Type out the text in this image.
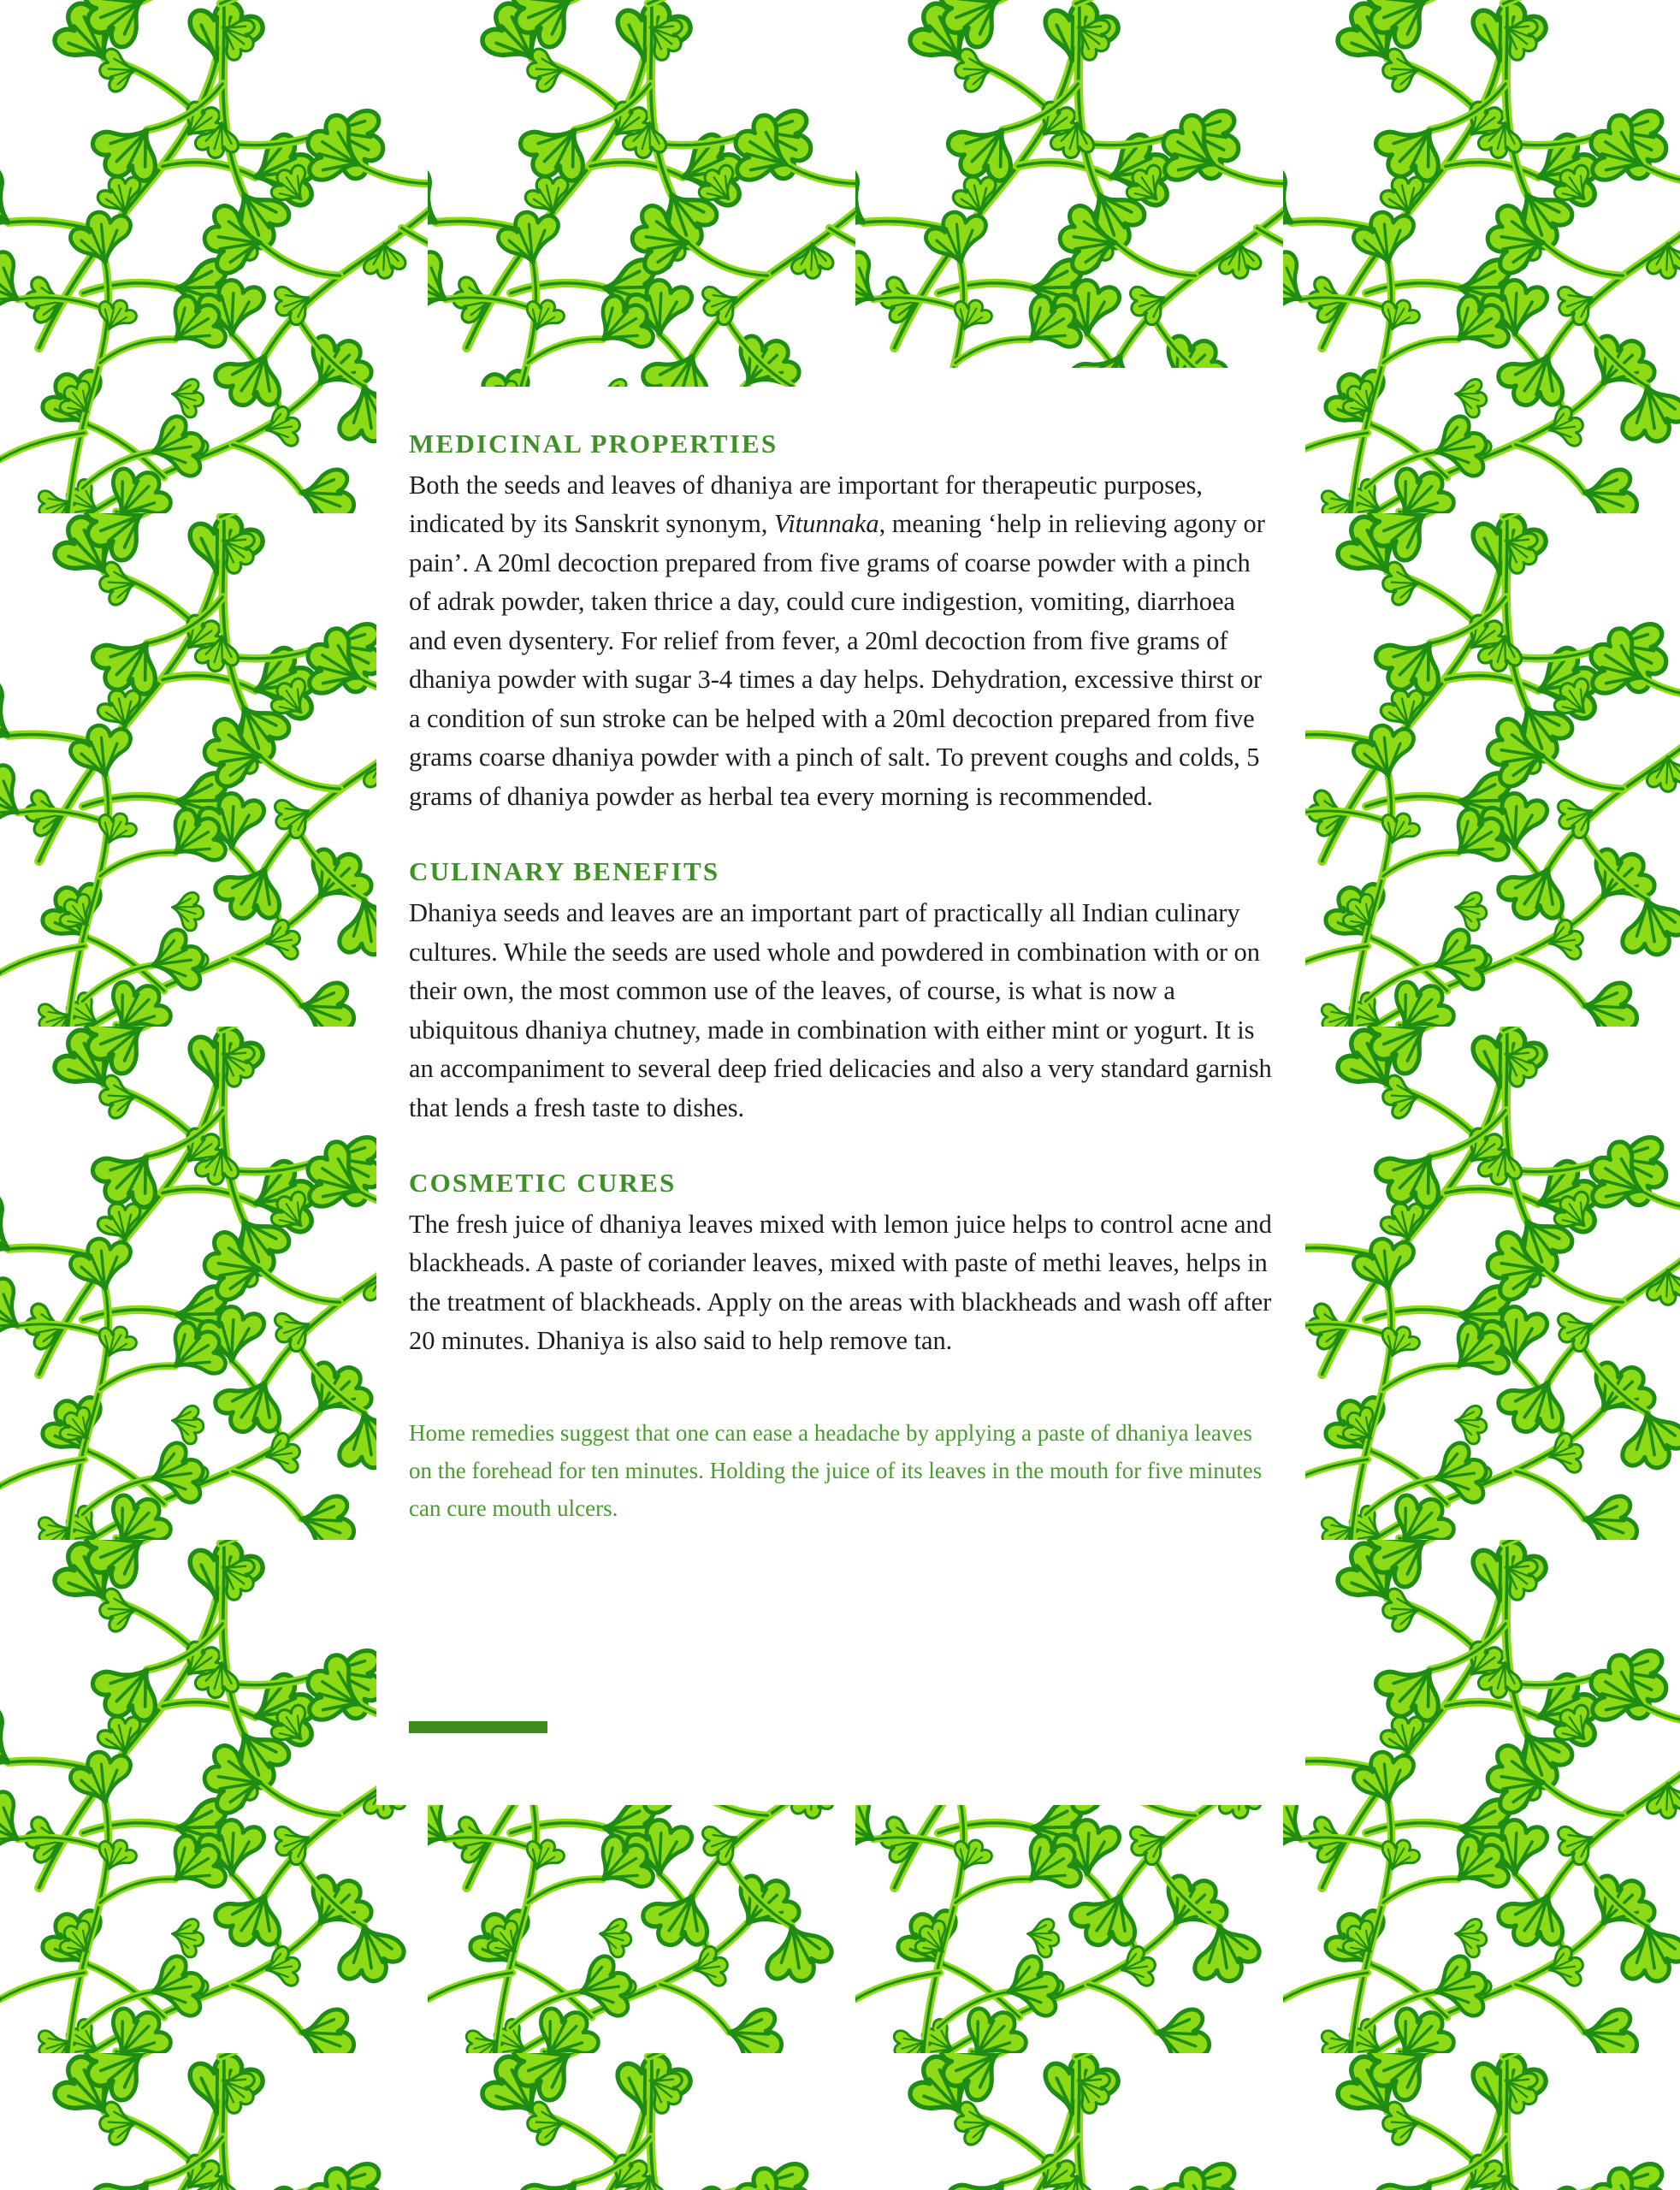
MEDICINAL PROPERTIES

Both the seeds and leaves of dhaniya are important for therapeutic purposes, indicated by its Sanskrit synonym, Vitunnaka, meaning ‘help in relieving agony or pain’. A 20ml decoction prepared from five grams of coarse powder with a pinch of adrak powder, taken thrice a day, could cure indigestion, vomiting, diarrhoea and even dysentery. For relief from fever, a 20ml decoction from five grams of dhaniya powder with sugar 3-4 times a day helps. Dehydration, excessive thirst or a condition of sun stroke can be helped with a 20ml decoction prepared from five grams coarse dhaniya powder with a pinch of salt. To prevent coughs and colds, 5 grams of dhaniya powder as herbal tea every morning is recommended.

CULINARY BENEFITS

Dhaniya seeds and leaves are an important part of practically all Indian culinary cultures. While the seeds are used whole and powdered in combination with or on their own, the most common use of the leaves, of course, is what is now a ubiquitous dhaniya chutney, made in combination with either mint or yogurt. It is an accompaniment to several deep fried delicacies and also a very standard garnish that lends a fresh taste to dishes.

COSMETIC CURES

The fresh juice of dhaniya leaves mixed with lemon juice helps to control acne and blackheads. A paste of coriander leaves, mixed with paste of methi leaves, helps in the treatment of blackheads. Apply on the areas with blackheads and wash off after 20 minutes. Dhaniya is also said to help remove tan.

Home remedies suggest that one can ease a headache by applying a paste of dhaniya leaves on the forehead for ten minutes. Holding the juice of its leaves in the mouth for five minutes can cure mouth ulcers.
